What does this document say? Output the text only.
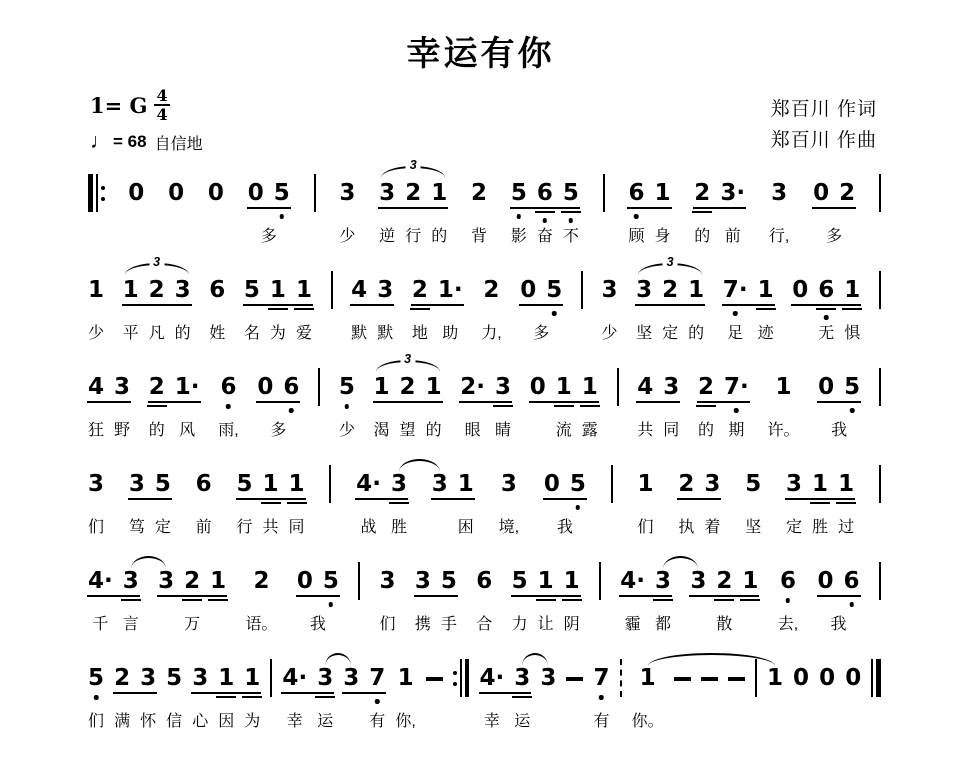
幸运有你
1= G $\frac{4}{4}$
♩ = 68 自信地
郑百川 作词
郑百川 作曲
0 0 0 0 5
多
3
少
3
逆
2
行
1
的
3
2
背
5
影
6
奋
5
不
6
顾
1
身
2
的
3·
前
3
行,
0 2
多
1
少
1
平
2
凡
3
的
3
6
姓
5
名
1
为
1
爱
4
默
3
默
2
地
1·
助
2
力,
0 5
多
3
少
3
坚
2
定
1
的
3
7·
足
1
迹
0 6
无
1
惧
4
狂
3
野
2
的
1·
风
6
雨,
0 6
多
5
少
1
渴
2
望
1
的
3
2·
眼
3
睛
0 1
流
1
露
4
共
3
同
2
的
7·
期
1
许。
0 5
我
3
们
3
笃
5
定
6
前
5
行
1
共
1
同
4·
战
3
胜
3 1
困
3
境,
0 5
我
1
们
2
执
3
着
5
坚
3
定
1
胜
1
过
4·
千
3
言
3 2
万
1 2
语。
0 5
我
3
们
3
携
5
手
6
合
5
力
1
让
1
阴
4·
霾
3
都
3 2
散
1 6
去,
0 6
我
5
们
2
满
3
怀
5
信
3
心
1
因
1
为
4·
幸
3
运
3 7
有
1
你,
4·
幸
3
运
3 7
有
1
你。
1 0 0 0
